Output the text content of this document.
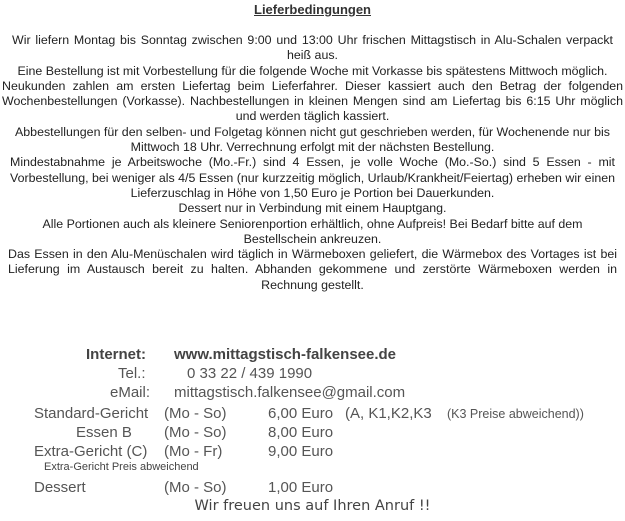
Lieferbedingungen

Wir liefern Montag bis Sonntag zwischen 9:00 und 13:00 Uhr frischen Mittagstisch in Alu-Schalen verpackt heiß aus.

Eine Bestellung ist mit Vorbestellung für die folgende Woche mit Vorkasse bis spätestens Mittwoch möglich.

Neukunden zahlen am ersten Liefertag beim Lieferfahrer. Dieser kassiert auch den Betrag der folgenden Wochenbestellungen (Vorkasse). Nachbestellungen in kleinen Mengen sind am Liefertag bis 6:15 Uhr möglich und werden täglich kassiert.

Abbestellungen für den selben- und Folgetag können nicht gut geschrieben werden, für Wochenende nur bis Mittwoch 18 Uhr. Verrechnung erfolgt mit der nächsten Bestellung.

Mindestabnahme je Arbeitswoche (Mo.-Fr.) sind 4 Essen, je volle Woche (Mo.-So.) sind 5 Essen - mit Vorbestellung, bei weniger als 4/5 Essen (nur kurzzeitig möglich, Urlaub/Krankheit/Feiertag) erheben wir einen Lieferzuschlag in Höhe von 1,50 Euro je Portion bei Dauerkunden.

Dessert nur in Verbindung mit einem Hauptgang.

Alle Portionen auch als kleinere Seniorenportion erhältlich, ohne Aufpreis! Bei Bedarf bitte auf dem Bestellschein ankreuzen.

Das Essen in den Alu-Menüschalen wird täglich in Wärmeboxen geliefert, die Wärmebox des Vortages ist bei Lieferung im Austausch bereit zu halten. Abhanden gekommene und zerstörte Wärmeboxen werden in Rechnung gestellt.

Internet: www.mittagstisch-falkensee.de
Tel.:	0 33 22 / 439 1990
eMail: mittagstisch.falkensee@gmail.com
Standard-Gericht (Mo - So)	6,00 Euro (A, K1,K2,K3 (K3 Preise abweichend))
Essen B (Mo - So)	8,00 Euro
Extra-Gericht (C) (Mo - Fr)	9,00 Euro
Extra-Gericht Preis abweichend
Dessert	(Mo - So)	1,00 Euro
Wir freuen uns auf Ihren Anruf !!
